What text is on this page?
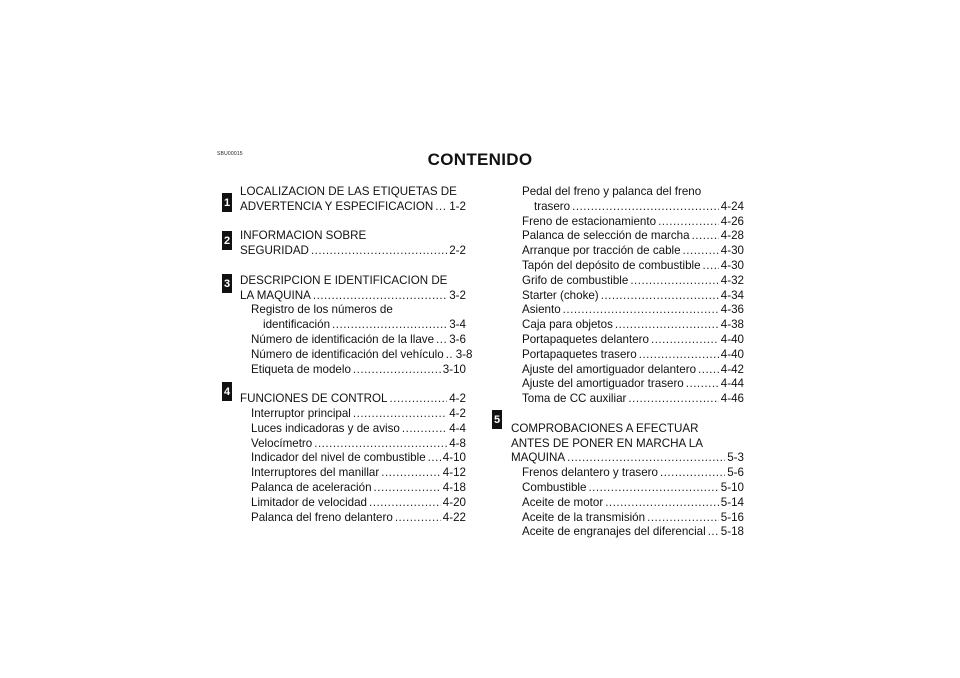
SBU00015	CONTENIDO
1
2
3
4
5
LOCALIZACION DE LAS ETIQUETAS DE
ADVERTENCIA Y ESPECIFICACION ..... 1-2
INFORMACION SOBRE
SEGURIDAD .....	2-2
DESCRIPCION E IDENTIFICACION DE
LA MAQUINA .....	3-2
Registro de los números de
identificación .....	3-4
Número de identificación de la llave ..... 3-6
Número de identificación del vehículo ..... 3-8
Etiqueta de modelo .....	3-10
FUNCIONES DE CONTROL .....	4-2
Interruptor principal .....	4-2
Luces indicadoras y de aviso .....	4-4
Velocímetro .....	4-8
Indicador del nivel de combustible ..... 4-10
Interruptores del manillar .....	4-12
Palanca de aceleración .....	4-18
Limitador de velocidad .....	4-20
Palanca del freno delantero .....	4-22
Pedal del freno y palanca del freno
trasero .....	4-24
Freno de estacionamiento .....	4-26
Palanca de selección de marcha .....	4-28
Arranque por tracción de cable .....	4-30
Tapón del depósito de combustible ..... 4-30
Grifo de combustible .....	4-32
Starter (choke) .....	4-34
Asiento .....	4-36
Caja para objetos .....	4-38
Portapaquetes delantero .....	4-40
Portapaquetes trasero .....	4-40
Ajuste del amortiguador delantero ..... 4-42
Ajuste del amortiguador trasero .....	4-44
Toma de CC auxiliar .....	4-46
COMPROBACIONES A EFECTUAR
ANTES DE PONER EN MARCHA LA
MAQUINA .....	5-3
Frenos delantero y trasero .....	5-6
Combustible .....	5-10
Aceite de motor .....	5-14
Aceite de la transmisión .....	5-16
Aceite de engranajes del diferencial ..... 5-18
